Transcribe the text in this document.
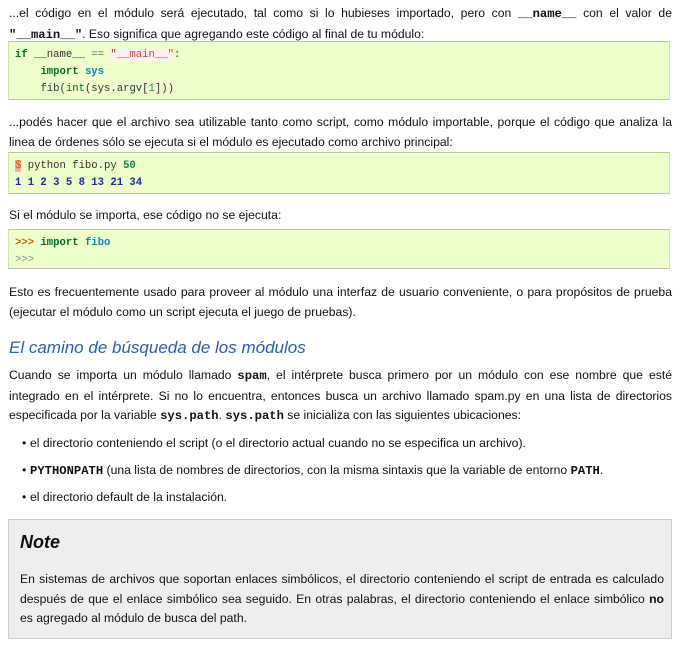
...el código en el módulo será ejecutado, tal como si lo hubieses importado, pero con __name__ con el valor de "__main__". Eso significa que agregando este código al final de tu módulo:
if __name__ == "__main__":
import sys
fib(int(sys.argv[1]))
...podés hacer que el archivo sea utilizable tanto como script, como módulo importable, porque el código que analiza la linea de órdenes sólo se ejecuta si el módulo es ejecutado como archivo principal:
$ python fibo.py 50
1 1 2 3 5 8 13 21 34
Si el módulo se importa, ese código no se ejecuta:
>>> import fibo
>>>
Esto es frecuentemente usado para proveer al módulo una interfaz de usuario conveniente, o para propósitos de prueba (ejecutar el módulo como un script ejecuta el juego de pruebas).
El camino de búsqueda de los módulos
Cuando se importa un módulo llamado spam, el intérprete busca primero por un módulo con ese nombre que esté integrado en el intérprete. Si no lo encuentra, entonces busca un archivo llamado spam.py en una lista de directorios especificada por la variable sys.path. sys.path se inicializa con las siguientes ubicaciones:
• el directorio conteniendo el script (o el directorio actual cuando no se especifica un archivo).
• PYTHONPATH (una lista de nombres de directorios, con la misma sintaxis que la variable de entorno PATH.
• el directorio default de la instalación.
Note
En sistemas de archivos que soportan enlaces simbólicos, el directorio conteniendo el script de entrada es calculado después de que el enlace simbólico sea seguido. En otras palabras, el directorio conteniendo el enlace simbólico no es agregado al módulo de busca del path.
